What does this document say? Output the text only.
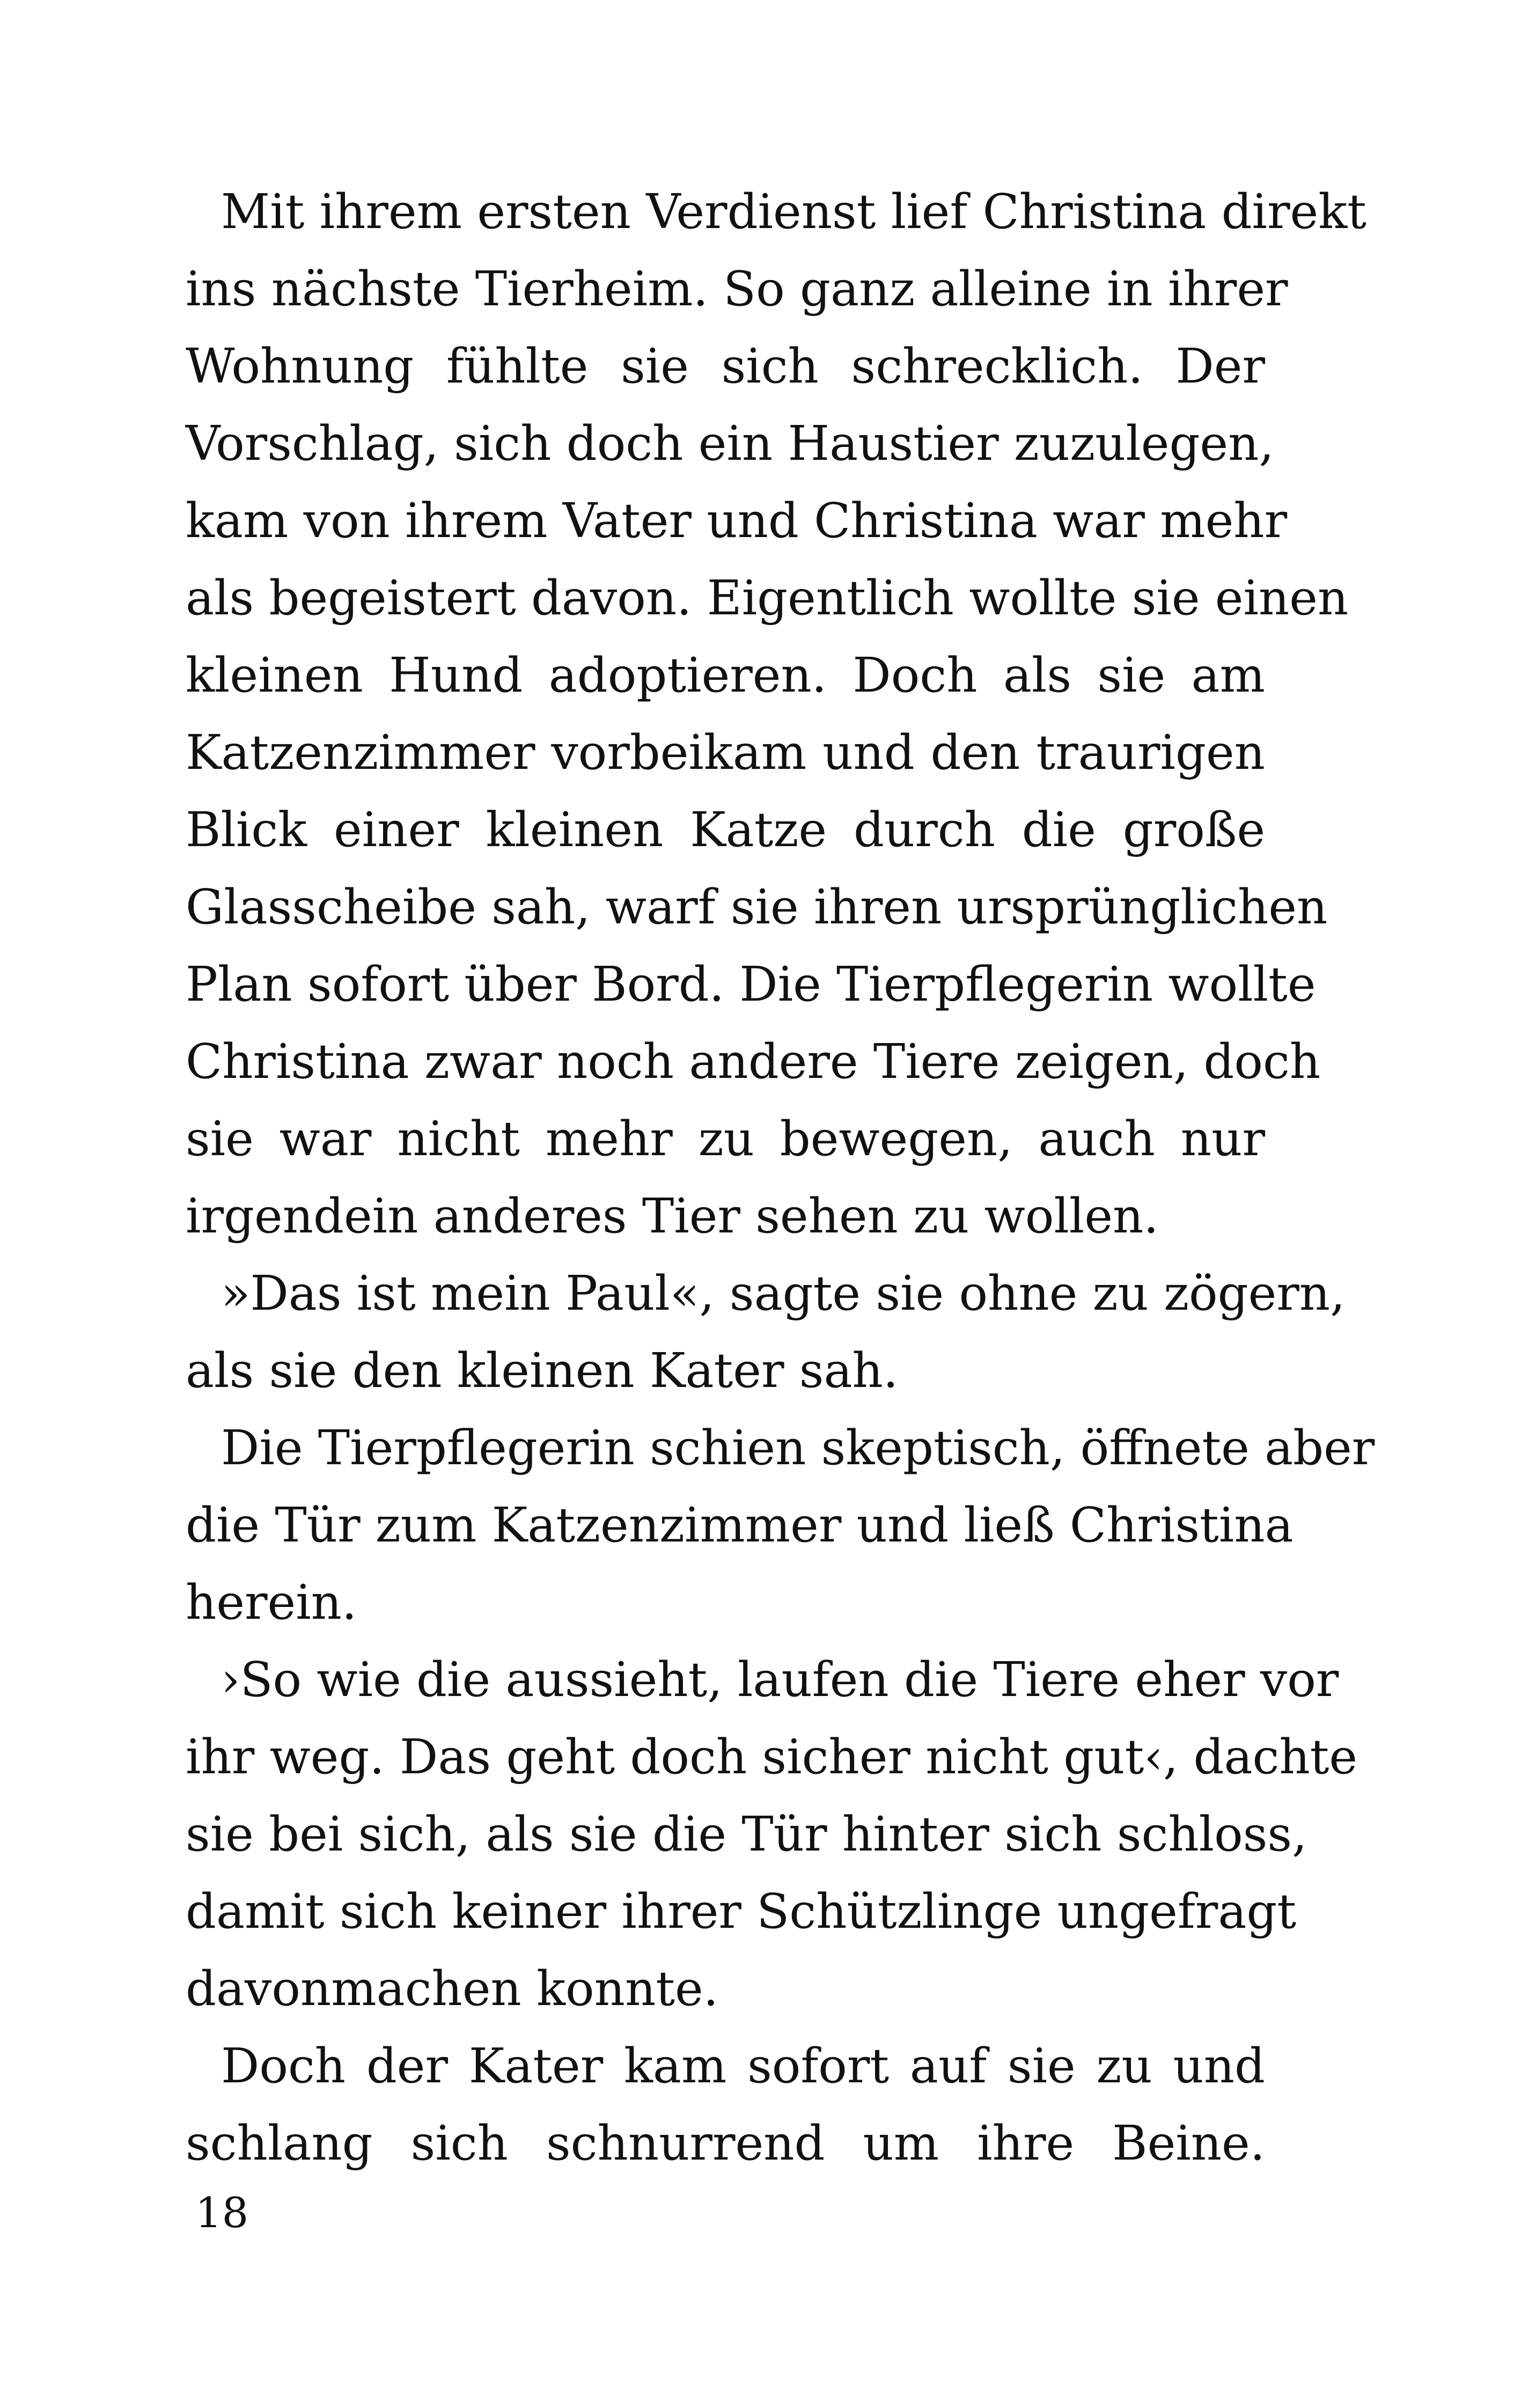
Mit ihrem ersten Verdienst lief Christina direkt
ins nächste Tierheim. So ganz alleine in ihrer
Wohnung fühlte sie sich schrecklich. Der
Vorschlag, sich doch ein Haustier zuzulegen,
kam von ihrem Vater und Christina war mehr
als begeistert davon. Eigentlich wollte sie einen
kleinen Hund adoptieren. Doch als sie am
Katzenzimmer vorbeikam und den traurigen
Blick einer kleinen Katze durch die große
Glasscheibe sah, warf sie ihren ursprünglichen
Plan sofort über Bord. Die Tierpflegerin wollte
Christina zwar noch andere Tiere zeigen, doch
sie war nicht mehr zu bewegen, auch nur
irgendein anderes Tier sehen zu wollen.
»Das ist mein Paul«, sagte sie ohne zu zögern,
als sie den kleinen Kater sah.
Die Tierpflegerin schien skeptisch, öffnete aber
die Tür zum Katzenzimmer und ließ Christina
herein.
›So wie die aussieht, laufen die Tiere eher vor
ihr weg. Das geht doch sicher nicht gut‹, dachte
sie bei sich, als sie die Tür hinter sich schloss,
damit sich keiner ihrer Schützlinge ungefragt
davonmachen konnte.
Doch der Kater kam sofort auf sie zu und
schlang sich schnurrend um ihre Beine.
18
